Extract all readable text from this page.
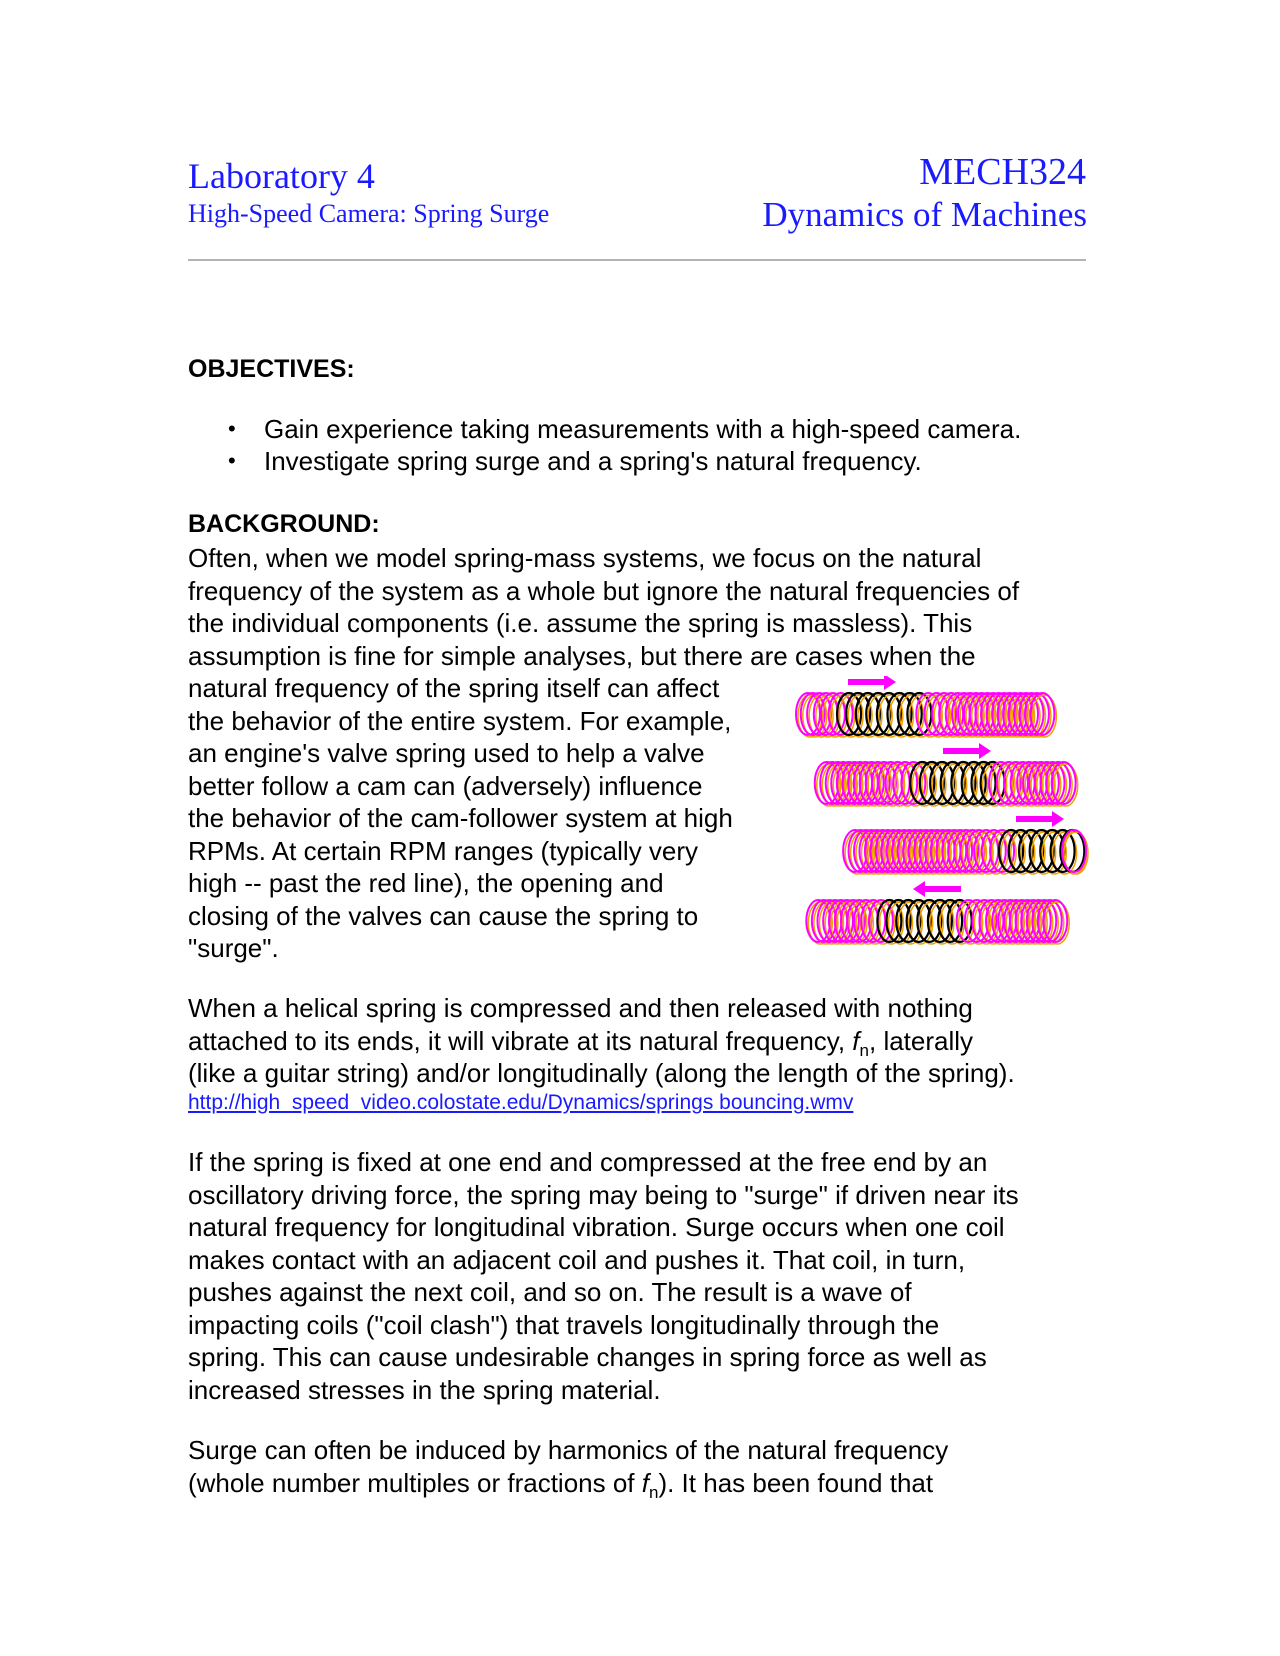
Laboratory 4
High-Speed Camera: Spring Surge
MECH324
Dynamics of Machines
OBJECTIVES:
• Gain experience taking measurements with a high-speed camera.
• Investigate spring surge and a spring's natural frequency.
BACKGROUND:
Often, when we model spring-mass systems, we focus on the natural
frequency of the system as a whole but ignore the natural frequencies of
the individual components (i.e. assume the spring is massless). This
assumption is fine for simple analyses, but there are cases when the
natural frequency of the spring itself can affect
the behavior of the entire system. For example,
an engine's valve spring used to help a valve
better follow a cam can (adversely) influence
the behavior of the cam-follower system at high
RPMs. At certain RPM ranges (typically very
high -- past the red line), the opening and
closing of the valves can cause the spring to
"surge".
When a helical spring is compressed and then released with nothing
attached to its ends, it will vibrate at its natural frequency, $f_n$, laterally
(like a guitar string) and/or longitudinally (along the length of the spring).
http://high_speed_video.colostate.edu/Dynamics/springs bouncing.wmv
If the spring is fixed at one end and compressed at the free end by an
oscillatory driving force, the spring may being to "surge" if driven near its
natural frequency for longitudinal vibration. Surge occurs when one coil
makes contact with an adjacent coil and pushes it. That coil, in turn,
pushes against the next coil, and so on. The result is a wave of
impacting coils ("coil clash") that travels longitudinally through the
spring. This can cause undesirable changes in spring force as well as
increased stresses in the spring material.
Surge can often be induced by harmonics of the natural frequency
(whole number multiples or fractions of $f_n$). It has been found that
